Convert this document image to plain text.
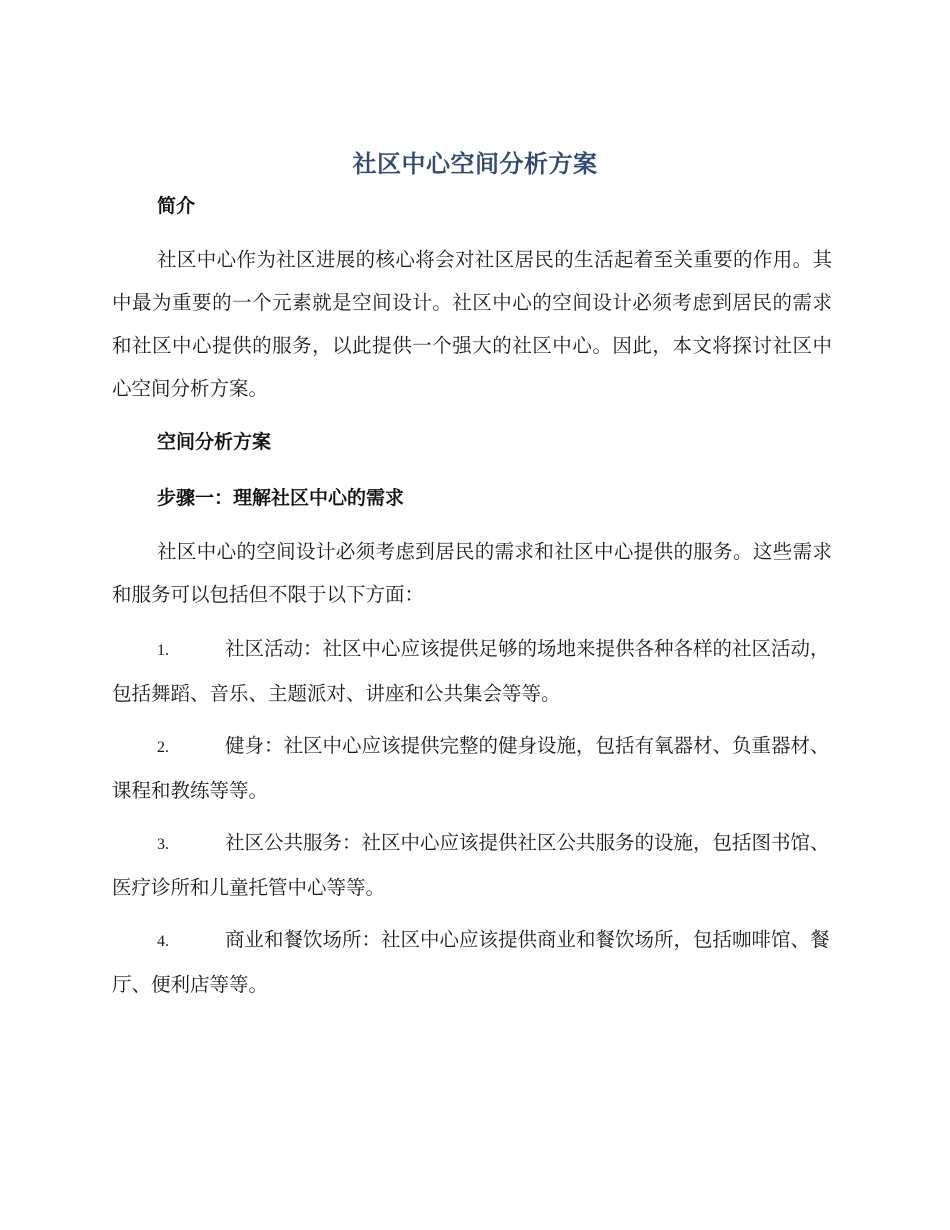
社区中心空间分析方案
简介

社区中心作为社区进展的核心将会对社区居民的生活起着至关重要的作用。其中最为重要的一个元素就是空间设计。社区中心的空间设计必须考虑到居民的需求和社区中心提供的服务，以此提供一个强大的社区中心。因此，本文将探讨社区中心空间分析方案。

空间分析方案
步骤一：理解社区中心的需求

社区中心的空间设计必须考虑到居民的需求和社区中心提供的服务。这些需求和服务可以包括但不限于以下方面：

1.	社区活动：社区中心应该提供足够的场地来提供各种各样的社区活动，包括舞蹈、音乐、主题派对、讲座和公共集会等等。

2.	健身：社区中心应该提供完整的健身设施，包括有氧器材、负重器材、课程和教练等等。

3.	社区公共服务：社区中心应该提供社区公共服务的设施，包括图书馆、医疗诊所和儿童托管中心等等。

4.	商业和餐饮场所：社区中心应该提供商业和餐饮场所，包括咖啡馆、餐厅、便利店等等。
